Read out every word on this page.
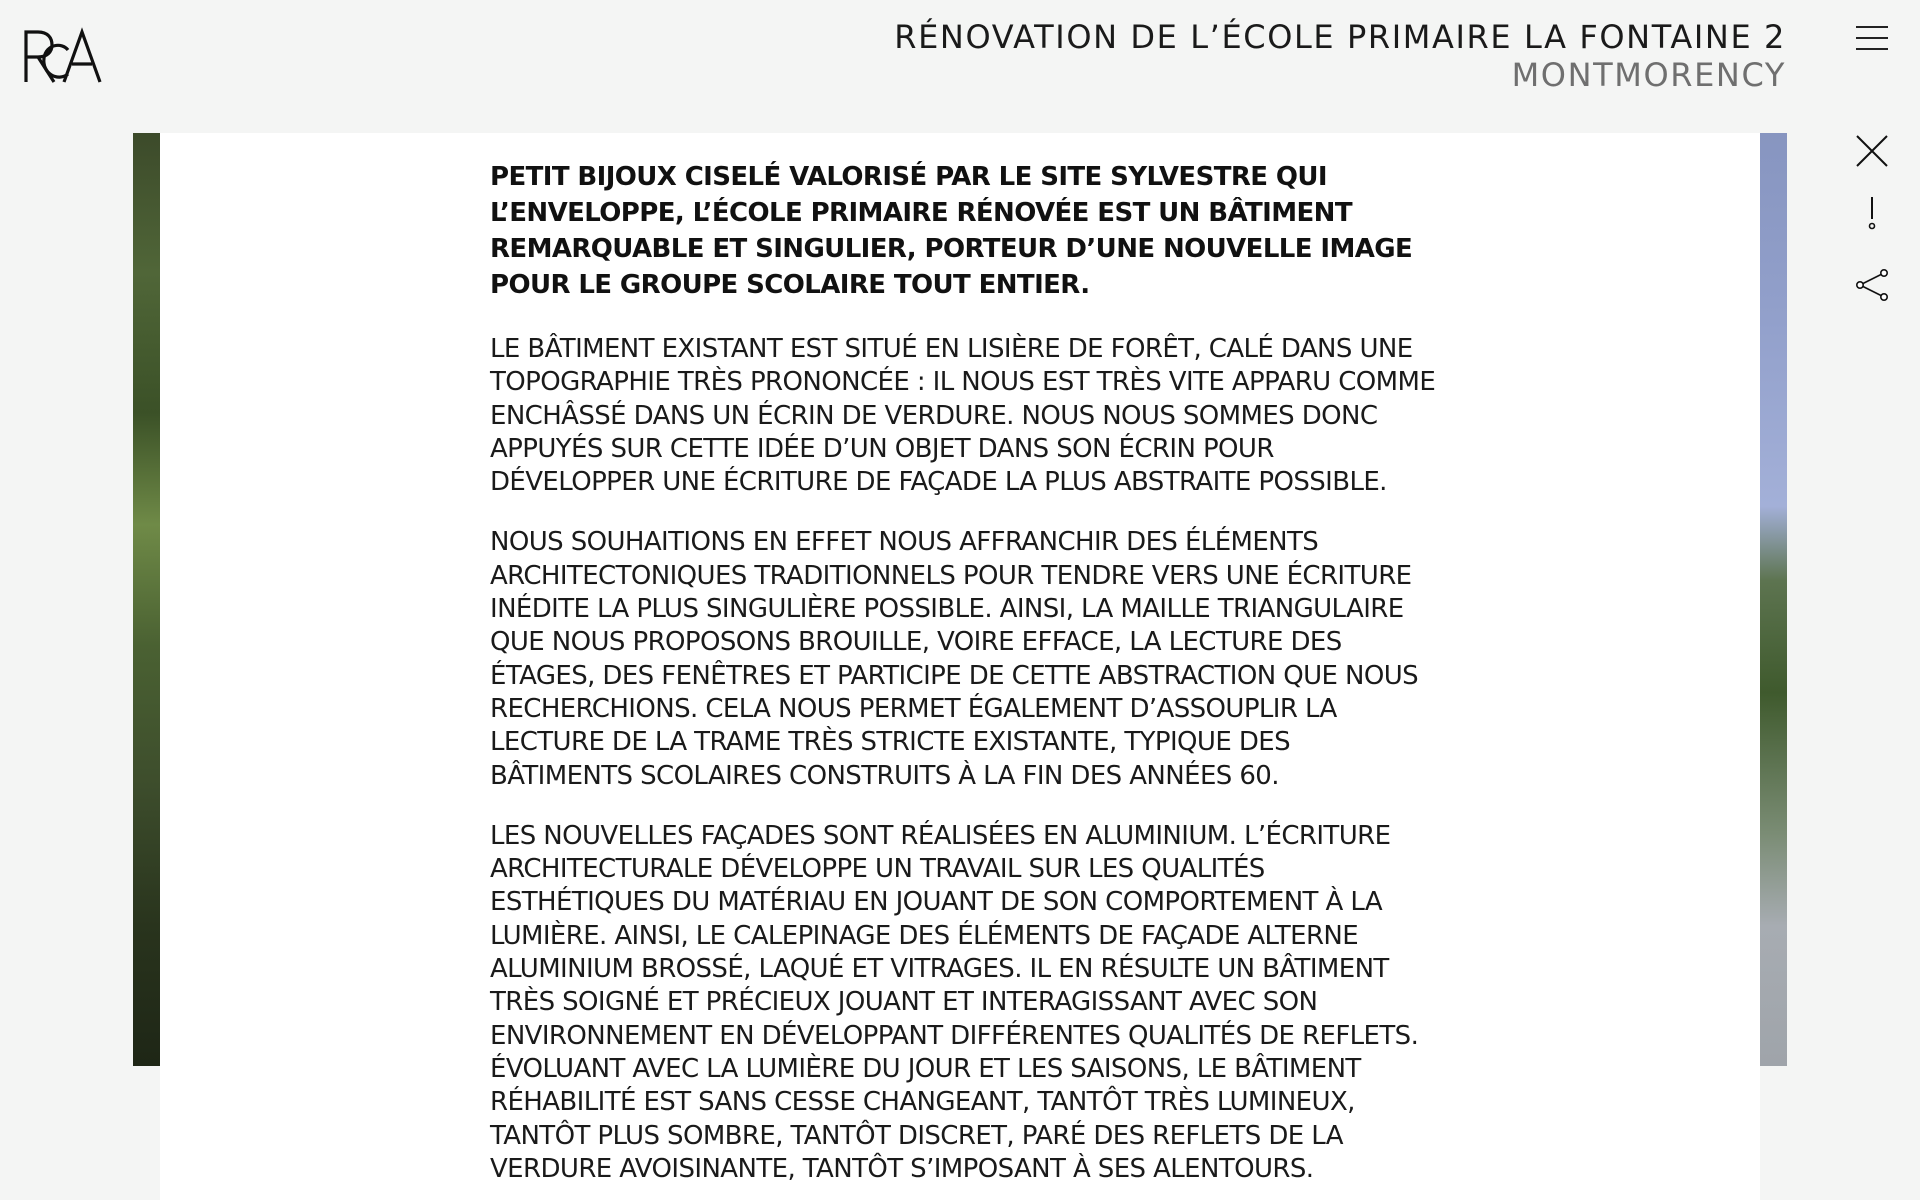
RÉNOVATION DE L’ÉCOLE PRIMAIRE LA FONTAINE 2
MONTMORENCY

PETIT BIJOUX CISELÉ VALORISÉ PAR LE SITE SYLVESTRE QUI L’ENVELOPPE, L’ÉCOLE PRIMAIRE RÉNOVÉE EST UN BÂTIMENT REMARQUABLE ET SINGULIER, PORTEUR D’UNE NOUVELLE IMAGE POUR LE GROUPE SCOLAIRE TOUT ENTIER.

LE BÂTIMENT EXISTANT EST SITUÉ EN LISIÈRE DE FORÊT, CALÉ DANS UNE TOPOGRAPHIE TRÈS PRONONCÉE : IL NOUS EST TRÈS VITE APPARU COMME ENCHÂSSÉ DANS UN ÉCRIN DE VERDURE. NOUS NOUS SOMMES DONC APPUYÉS SUR CETTE IDÉE D’UN OBJET DANS SON ÉCRIN POUR DÉVELOPPER UNE ÉCRITURE DE FAÇADE LA PLUS ABSTRAITE POSSIBLE.

NOUS SOUHAITIONS EN EFFET NOUS AFFRANCHIR DES ÉLÉMENTS ARCHITECTONIQUES TRADITIONNELS POUR TENDRE VERS UNE ÉCRITURE INÉDITE LA PLUS SINGULIÈRE POSSIBLE. AINSI, LA MAILLE TRIANGULAIRE QUE NOUS PROPOSONS BROUILLE, VOIRE EFFACE, LA LECTURE DES ÉTAGES, DES FENÊTRES ET PARTICIPE DE CETTE ABSTRACTION QUE NOUS RECHERCHIONS. CELA NOUS PERMET ÉGALEMENT D’ASSOUPLIR LA LECTURE DE LA TRAME TRÈS STRICTE EXISTANTE, TYPIQUE DES BÂTIMENTS SCOLAIRES CONSTRUITS À LA FIN DES ANNÉES 60.

LES NOUVELLES FAÇADES SONT RÉALISÉES EN ALUMINIUM. L’ÉCRITURE ARCHITECTURALE DÉVELOPPE UN TRAVAIL SUR LES QUALITÉS ESTHÉTIQUES DU MATÉRIAU EN JOUANT DE SON COMPORTEMENT À LA LUMIÈRE. AINSI, LE CALEPINAGE DES ÉLÉMENTS DE FAÇADE ALTERNE ALUMINIUM BROSSÉ, LAQUÉ ET VITRAGES. IL EN RÉSULTE UN BÂTIMENT TRÈS SOIGNÉ ET PRÉCIEUX JOUANT ET INTERAGISSANT AVEC SON ENVIRONNEMENT EN DÉVELOPPANT DIFFÉRENTES QUALITÉS DE REFLETS. ÉVOLUANT AVEC LA LUMIÈRE DU JOUR ET LES SAISONS, LE BÂTIMENT RÉHABILITÉ EST SANS CESSE CHANGEANT, TANTÔT TRÈS LUMINEUX, TANTÔT PLUS SOMBRE, TANTÔT DISCRET, PARÉ DES REFLETS DE LA VERDURE AVOISINANTE, TANTÔT S’IMPOSANT À SES ALENTOURS.
